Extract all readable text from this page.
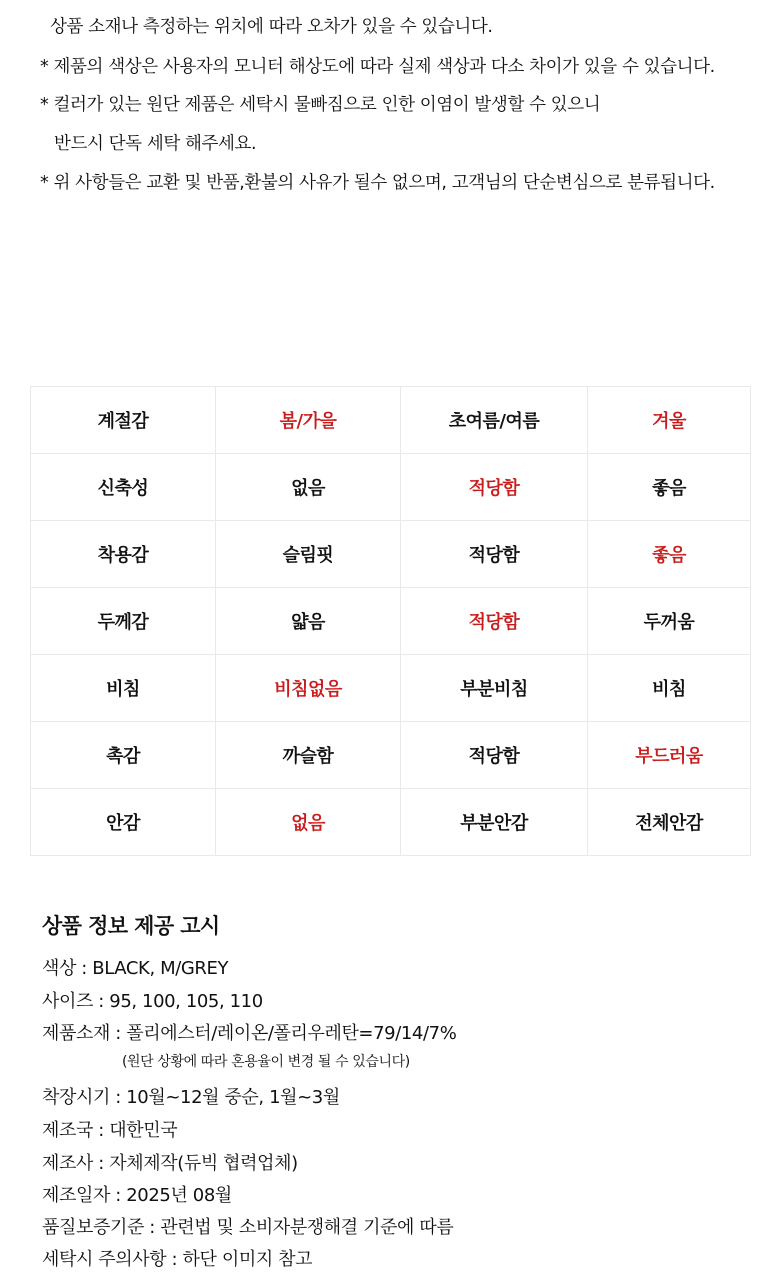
상품 소재나 측정하는 위치에 따라 오차가 있을 수 있습니다.
* 제품의 색상은 사용자의 모니터 해상도에 따라 실제 색상과 다소 차이가 있을 수 있습니다.
* 컬러가 있는 원단 제품은 세탁시 물빠짐으로 인한 이염이 발생할 수 있으니
반드시 단독 세탁 해주세요.
* 위 사항들은 교환 및 반품,환불의 사유가 될수 없으며, 고객님의 단순변심으로 분류됩니다.
계절감	봄/가을	초여름/여름	겨울
신축성	없음	적당함	좋음
착용감	슬림핏	적당함	좋음
두께감	얇음	적당함	두꺼움
비침	비침없음	부분비침	비침
촉감	까슬함	적당함	부드러움
안감	없음	부분안감	전체안감
상품 정보 제공 고시
색상 : BLACK, M/GREY
사이즈 : 95, 100, 105, 110
제품소재 : 폴리에스터/레이온/폴리우레탄=79/14/7%
(원단 상황에 따라 혼용율이 변경 될 수 있습니다)
착장시기 : 10월~12월 중순, 1월~3월
제조국 : 대한민국
제조사 : 자체제작(듀빅 협력업체)
제조일자 : 2025년 08월
품질보증기준 : 관련법 및 소비자분쟁해결 기준에 따름
세탁시 주의사항 : 하단 이미지 참고
